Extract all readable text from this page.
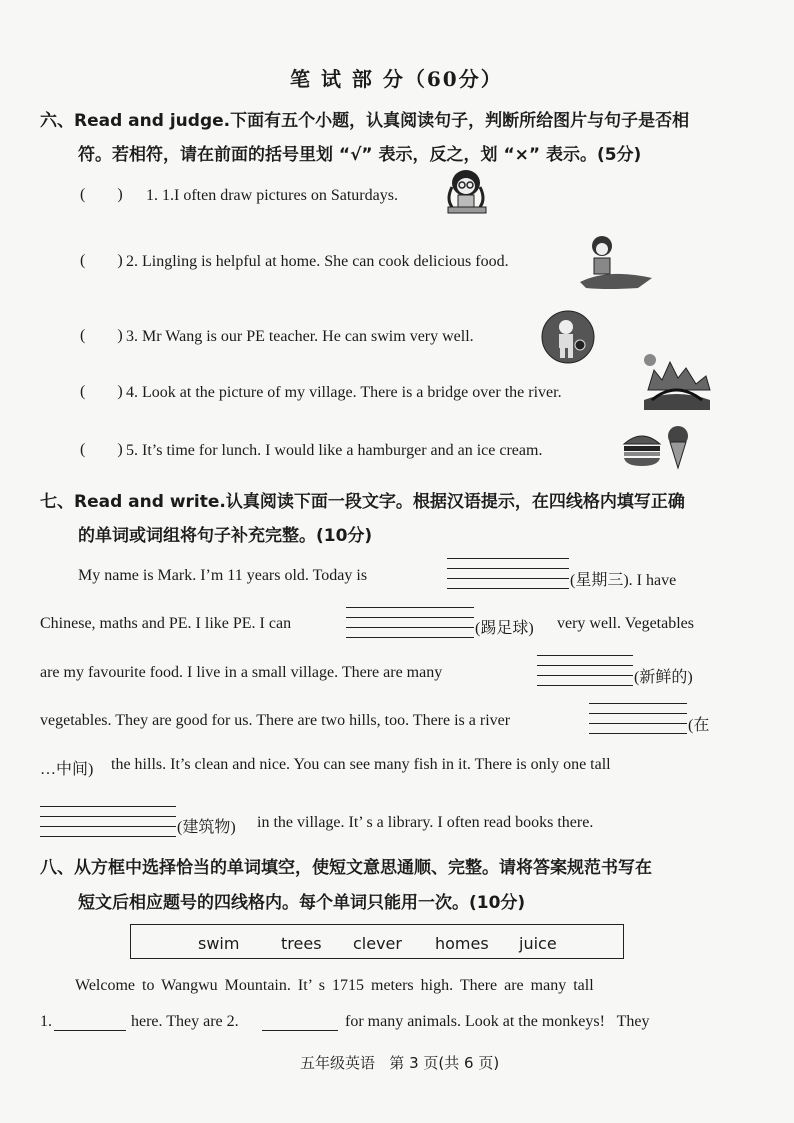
笔 试 部 分（60分）
六、Read and judge.下面有五个小题，认真阅读句子，判断所给图片与句子是否相
符。若相符，请在前面的括号里划 “√” 表示，反之，划 “×” 表示。(5分)
(        ) 1. 1.I often draw pictures on Saturdays.
(        ) 2. Lingling is helpful at home. She can cook delicious food.
(        ) 3. Mr Wang is our PE teacher. He can swim very well.
(        ) 4. Look at the picture of my village. There is a bridge over the river.
(        ) 5. It’s time for lunch. I would like a hamburger and an ice cream.
七、Read and write.认真阅读下面一段文字。根据汉语提示，在四线格内填写正确
的单词或词组将句子补充完整。(10分)
My name is Mark. I’m 11 years old. Today is	(星期三). I have
Chinese, maths and PE. I like PE. I can	(踢足球) very well. Vegetables
are my favourite food. I live in a small village. There are many	(新鲜的)
vegetables. They are good for us. There are two hills, too. There is a river	(在
…中间) the hills. It’s clean and nice. You can see many fish in it. There is only one tall
(建筑物) in the village. It’ s a library. I often read books there.
八、从方框中选择恰当的单词填空，使短文意思通顺、完整。请将答案规范书写在
短文后相应题号的四线格内。每个单词只能用一次。(10分)
swim	trees clever homes juice
Welcome to Wangwu Mountain. It’ s 1715 meters high. There are many tall
1.	here. They are 2.	for many animals. Look at the monkeys!   They
五年级英语   第 3 页(共 6 页)
